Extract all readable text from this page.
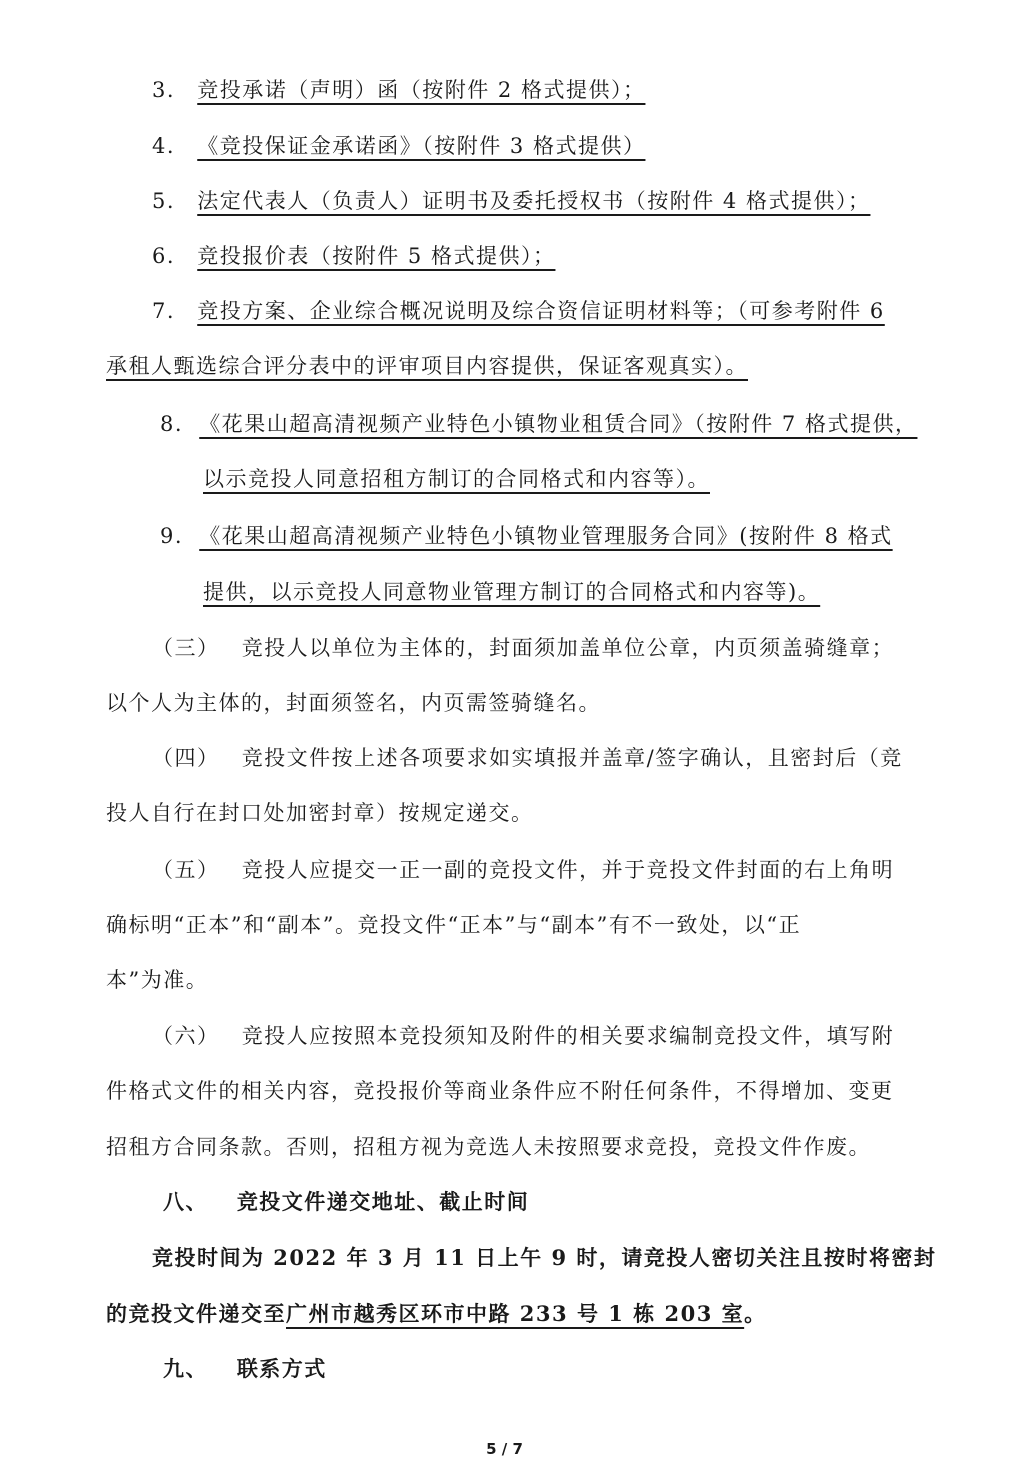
3. 竞投承诺（声明）函（按附件 2 格式提供）；
4. 《竞投保证金承诺函》（按附件 3 格式提供）
5. 法定代表人（负责人）证明书及委托授权书（按附件 4 格式提供）；
6. 竞投报价表（按附件 5 格式提供）；
7. 竞投方案、企业综合概况说明及综合资信证明材料等；（可参考附件 6
承租人甄选综合评分表中的评审项目内容提供，保证客观真实）。
8. 《花果山超高清视频产业特色小镇物业租赁合同》（按附件 7 格式提供，
以示竞投人同意招租方制订的合同格式和内容等）。
9. 《花果山超高清视频产业特色小镇物业管理服务合同》(按附件 8 格式
提供，以示竞投人同意物业管理方制订的合同格式和内容等)。
（三） 竞投人以单位为主体的，封面须加盖单位公章，内页须盖骑缝章；
以个人为主体的，封面须签名，内页需签骑缝名。
（四） 竞投文件按上述各项要求如实填报并盖章/签字确认，且密封后（竞
投人自行在封口处加密封章）按规定递交。
（五） 竞投人应提交一正一副的竞投文件，并于竞投文件封面的右上角明
确标明“正本”和“副本”。竞投文件“正本”与“副本”有不一致处，以“正
本”为准。
（六） 竞投人应按照本竞投须知及附件的相关要求编制竞投文件，填写附
件格式文件的相关内容，竞投报价等商业条件应不附任何条件，不得增加、变更
招租方合同条款。否则，招租方视为竞选人未按照要求竞投，竞投文件作废。
八、 竞投文件递交地址、截止时间
竞投时间为 2022 年 3 月 11 日上午 9 时，请竞投人密切关注且按时将密封
的竞投文件递交至广州市越秀区环市中路 233 号 1 栋 203 室。
九、 联系方式
5 / 7
